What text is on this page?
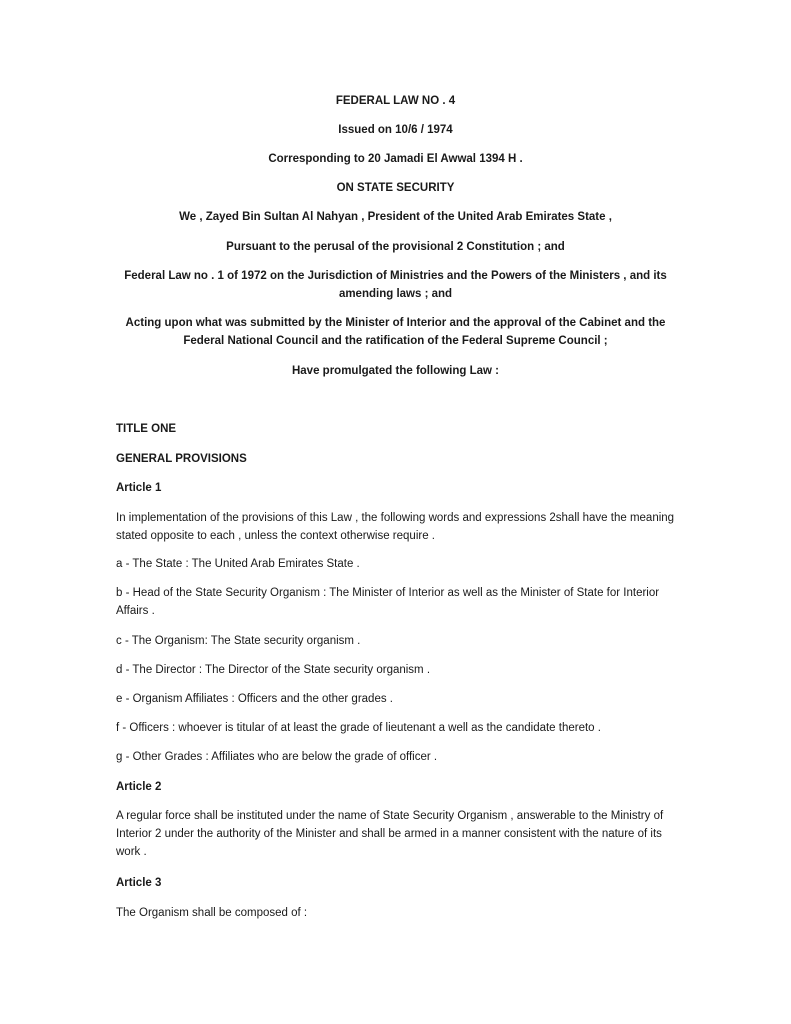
FEDERAL LAW NO . 4

Issued on 10/6 / 1974

Corresponding to 20 Jamadi El Awwal 1394 H .

ON STATE SECURITY

We , Zayed Bin Sultan Al Nahyan , President of the United Arab Emirates State ,

Pursuant to the perusal of the provisional 2 Constitution ; and

Federal Law no . 1 of 1972 on the Jurisdiction of Ministries and the Powers of the Ministers , and its amending laws ; and

Acting upon what was submitted by the Minister of Interior and the approval of the Cabinet and the Federal National Council and the ratification of the Federal Supreme Council ;

Have promulgated the following Law :

TITLE ONE

GENERAL PROVISIONS

Article 1

In implementation of the provisions of this Law , the following words and expressions 2shall have the meaning stated opposite to each , unless the context otherwise require .

a - The State : The United Arab Emirates State .

b - Head of the State Security Organism : The Minister of Interior as well as the Minister of State for Interior Affairs .

c - The Organism: The State security organism .

d - The Director : The Director of the State security organism .

e - Organism Affiliates : Officers and the other grades .

f - Officers : whoever is titular of at least the grade of lieutenant a well as the candidate thereto .

g - Other Grades : Affiliates who are below the grade of officer .

Article 2

A regular force shall be instituted under the name of State Security Organism , answerable to the Ministry of Interior 2 under the authority of the Minister and shall be armed in a manner consistent with the nature of its work .

Article 3

The Organism shall be composed of :
